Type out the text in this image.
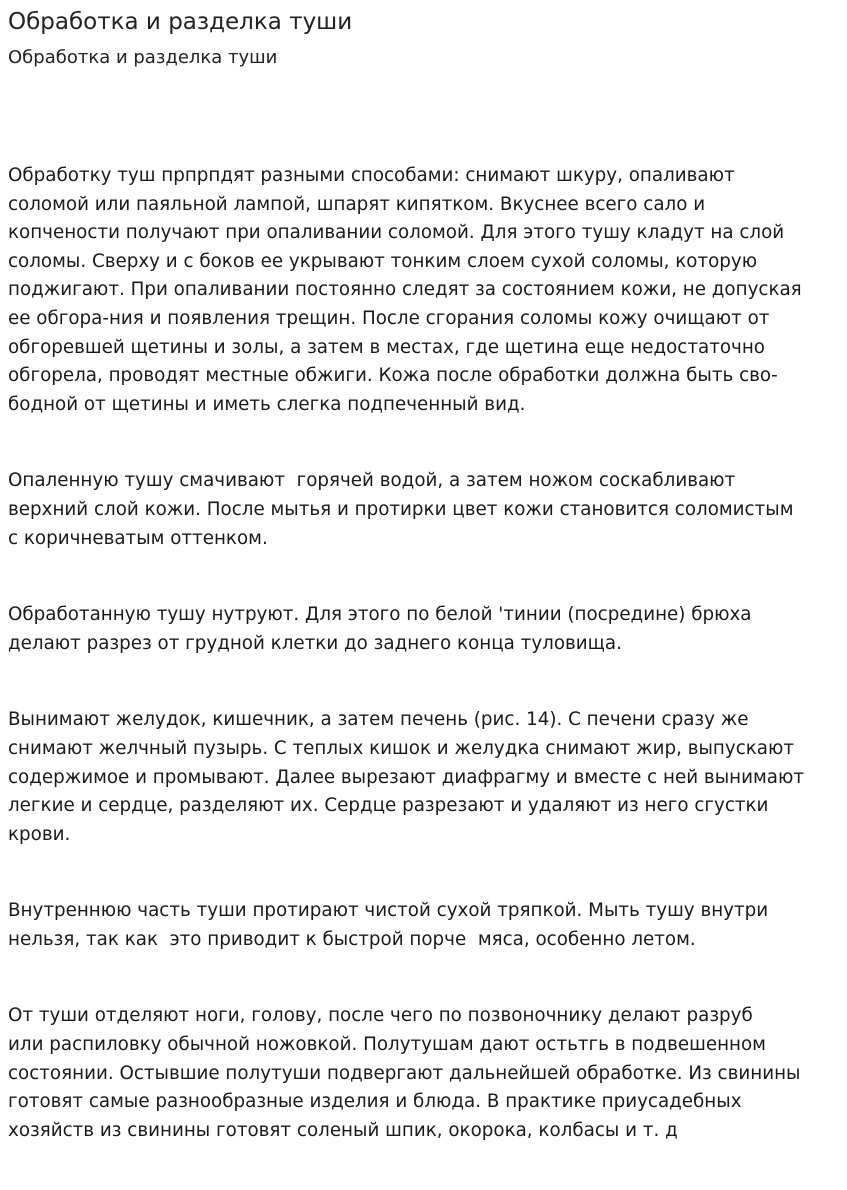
Обработка и разделка туши
Обработка и разделка туши

Обработку туш прпрпдят разными способами: снимают шкуру, опаливают
соломой или паяльной лампой, шпарят кипятком. Вкуснее всего сало и
копчености получают при опаливании соломой. Для этого тушу кладут на слой
соломы. Сверху и с боков ее укрывают тонким слоем сухой соломы, которую
поджигают. При опаливании постоянно следят за состоянием кожи, не допуская
ее обгора-ния и появления трещин. После сгорания соломы кожу очищают от
обгоревшей щетины и золы, а затем в местах, где щетина еще недостаточно
обгорела, проводят местные обжиги. Кожа после обработки должна быть сво-
бодной от щетины и иметь слегка подпеченный вид.

Опаленную тушу смачивают  горячей водой, а затем ножом соскабливают
верхний слой кожи. После мытья и протирки цвет кожи становится соломистым
с коричневатым оттенком.

Обработанную тушу нутруют. Для этого по белой 'тинии (посредине) брюха
делают разрез от грудной клетки до заднего конца туловища.

Вынимают желудок, кишечник, а затем печень (рис. 14). С печени сразу же
снимают желчный пузырь. С теплых кишок и желудка снимают жир, выпускают
содержимое и промывают. Далее вырезают диафрагму и вместе с ней вынимают
легкие и сердце, разделяют их. Сердце разрезают и удаляют из него сгустки
крови.

Внутреннюю часть туши протирают чистой сухой тряпкой. Мыть тушу внутри
нельзя, так как  это приводит к быстрой порче  мяса, особенно летом.

От туши отделяют ноги, голову, после чего по позвоночнику делают разруб
или распиловку обычной ножовкой. Полутушам дают остьтгь в подвешенном
состоянии. Остывшие полутуши подвергают дальнейшей обработке. Из свинины
готовят самые разнообразные изделия и блюда. В практике приусадебных
хозяйств из свинины готовят соленый шпик, окорока, колбасы и т. д
